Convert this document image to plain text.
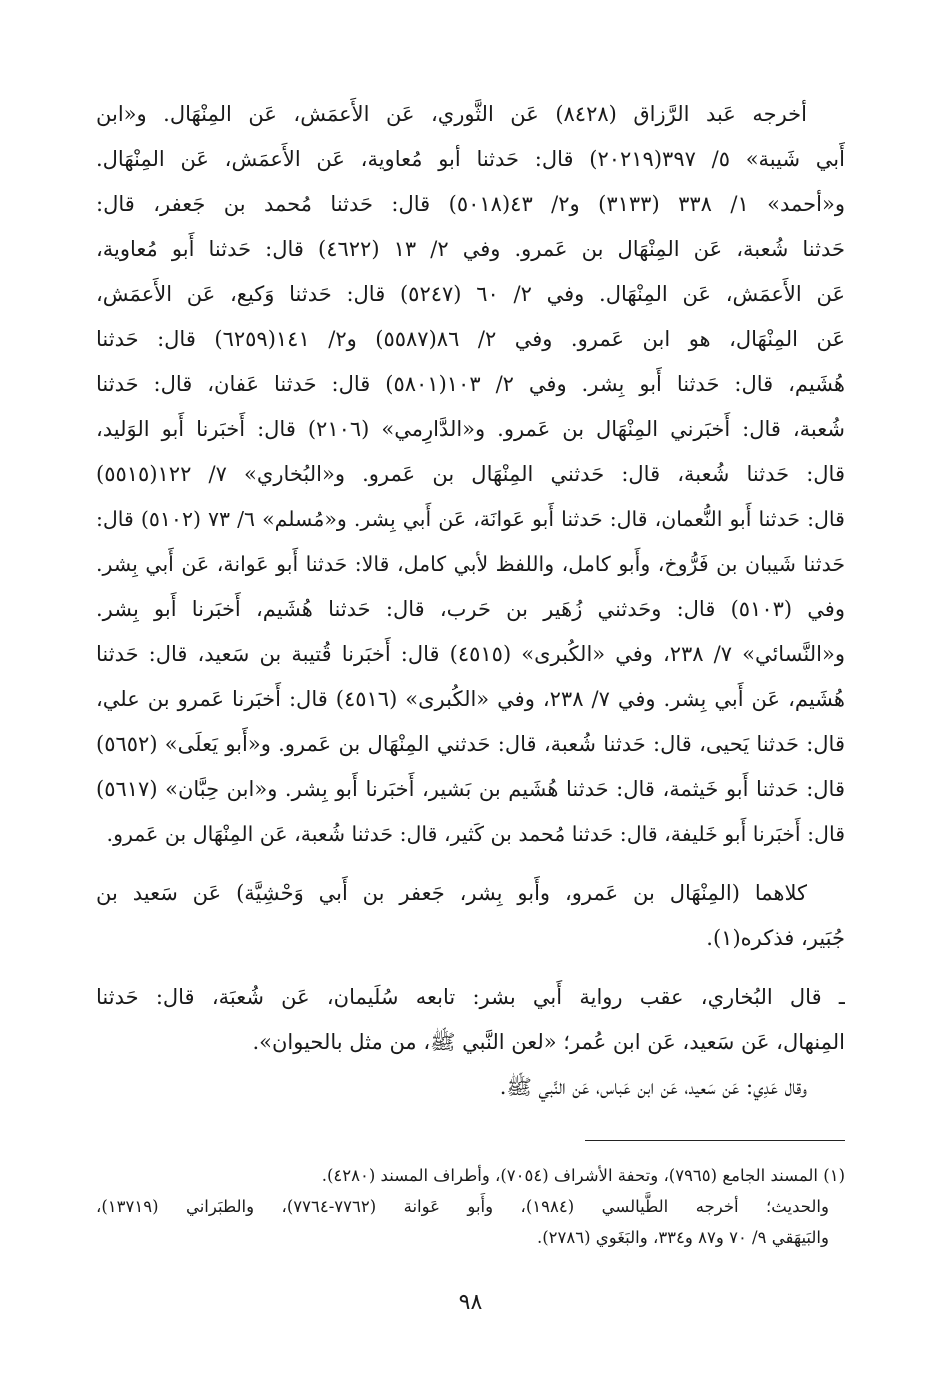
أخرجه عَبد الرَّزاق (٨٤٢٨) عَن الثَّوري، عَن الأَعمَش، عَن المِنْهَال. و«ابن
أَبي شَيبة» ٥/ ٣٩٧(٢٠٢١٩) قال: حَدثنا أبو مُعاوية، عَن الأَعمَش، عَن المِنْهَال.
و«أحمد» ١/ ٣٣٨ (٣١٣٣) و٢/ ٤٣(٥٠١٨) قال: حَدثنا مُحمد بن جَعفر، قال:
حَدثنا شُعبة، عَن المِنْهَال بن عَمرو. وفي ٢/ ١٣ (٤٦٢٢) قال: حَدثنا أَبو مُعاوية،
عَن الأَعمَش، عَن المِنْهَال. وفي ٢/ ٦٠ (٥٢٤٧) قال: حَدثنا وَكيع، عَن الأَعمَش،
عَن المِنْهَال، هو ابن عَمرو. وفي ٢/ ٨٦(٥٥٨٧) و٢/ ١٤١(٦٢٥٩) قال: حَدثنا
هُشَيم، قال: حَدثنا أَبو بِشر. وفي ٢/ ١٠٣(٥٨٠١) قال: حَدثنا عَفان، قال: حَدثنا
شُعبة، قال: أَخبَرني المِنْهَال بن عَمرو. و«الدَّارِمي» (٢١٠٦) قال: أَخبَرنا أَبو الوَليد،
قال: حَدثنا شُعبة، قال: حَدثني المِنْهَال بن عَمرو. و«البُخاري» ٧/ ١٢٢(٥٥١٥)
قال: حَدثنا أَبو النُّعمان، قال: حَدثنا أَبو عَوانَة، عَن أَبي بِشر. و«مُسلم» ٦/ ٧٣ (٥١٠٢) قال:
حَدثنا شَيبان بن فَرُّوخ، وأَبو كامل، واللفظ لأبي كامل، قالا: حَدثنا أَبو عَوانة، عَن أَبي بِشر.
وفي (٥١٠٣) قال: وحَدثني زُهَير بن حَرب، قال: حَدثنا هُشَيم، أَخبَرنا أَبو بِشر.
و«النَّسائي» ٧/ ٢٣٨، وفي «الكُبرى» (٤٥١٥) قال: أَخبَرنا قُتيبة بن سَعيد، قال: حَدثنا
هُشَيم، عَن أَبي بِشر. وفي ٧/ ٢٣٨، وفي «الكُبرى» (٤٥١٦) قال: أَخبَرنا عَمرو بن علي،
قال: حَدثنا يَحيى، قال: حَدثنا شُعبة، قال: حَدثني المِنْهَال بن عَمرو. و«أَبو يَعلَى» (٥٦٥٢)
قال: حَدثنا أَبو خَيثمة، قال: حَدثنا هُشَيم بن بَشير، أَخبَرنا أَبو بِشر. و«ابن حِبَّان» (٥٦١٧)
قال: أَخبَرنا أَبو خَليفة، قال: حَدثنا مُحمد بن كَثير، قال: حَدثنا شُعبة، عَن المِنْهَال بن عَمرو.
كلاهما (المِنْهَال بن عَمرو، وأَبو بِشر، جَعفر بن أَبي وَحْشِيَّة) عَن سَعيد بن
جُبَير، فذكره(١).
ـ قال البُخاري، عقب رواية أَبي بشر: تابعه سُلَيمان، عَن شُعبَة، قال: حَدثنا
المِنهال، عَن سَعيد، عَن ابن عُمر؛ «لعن النَّبي ﷺ، من مثل بالحيوان».
وقال عَدِي: عَن سَعيد، عَن ابن عَباس، عَن النَّبي ﷺ.
(١) المسند الجامع (٧٩٦٥)، وتحفة الأشراف (٧٠٥٤)، وأطراف المسند (٤٢٨٠).
والحديث؛ أخرجه الطَّيالسي (١٩٨٤)، وأَبو عَوانة (٧٧٦٢-٧٧٦٤)، والطبَراني (١٣٧١٩)،
والبَيهَقي ٩/ ٧٠ و٨٧ و٣٣٤، والبَغَوي (٢٧٨٦).
٩٨
